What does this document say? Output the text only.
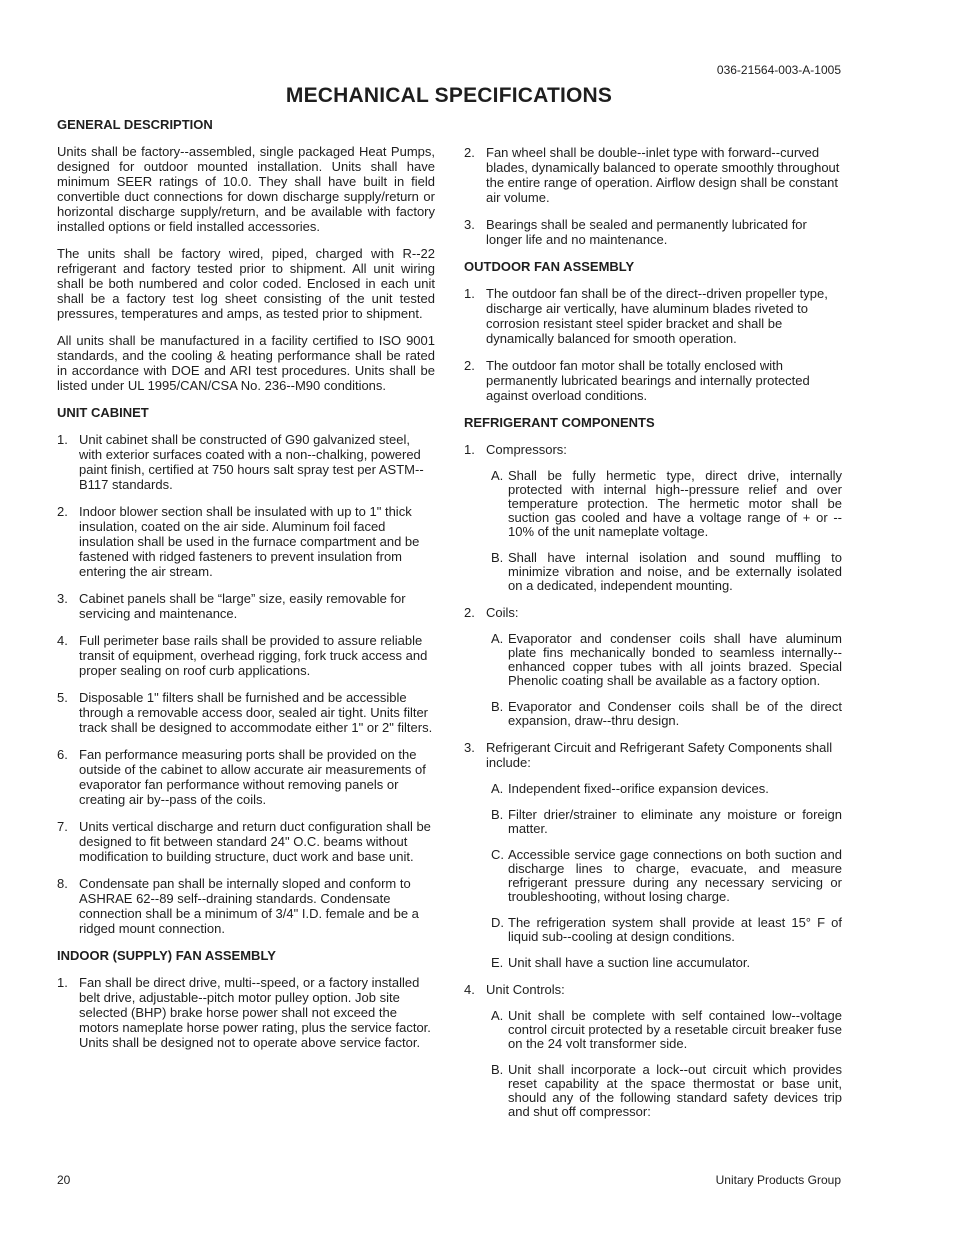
036-21564-003-A-1005
MECHANICAL SPECIFICATIONS
GENERAL DESCRIPTION
Units shall be factory--assembled, single packaged Heat Pumps, designed for outdoor mounted installation. Units shall have minimum SEER ratings of 10.0. They shall have built in field convertible duct connections for down discharge supply/return or horizontal discharge supply/return, and be available with factory installed options or field installed accessories.
The units shall be factory wired, piped, charged with R--22 refrigerant and factory tested prior to shipment. All unit wiring shall be both numbered and color coded. Enclosed in each unit shall be a factory test log sheet consisting of the unit tested pressures, temperatures and amps, as tested prior to shipment.
All units shall be manufactured in a facility certified to ISO 9001 standards, and the cooling & heating performance shall be rated in accordance with DOE and ARI test procedures. Units shall be listed under UL 1995/CAN/CSA No. 236--M90 conditions.
UNIT CABINET
1. Unit cabinet shall be constructed of G90 galvanized steel, with exterior surfaces coated with a non--chalking, powered paint finish, certified at 750 hours salt spray test per ASTM--B117 standards.
2. Indoor blower section shall be insulated with up to 1" thick insulation, coated on the air side. Aluminum foil faced insulation shall be used in the furnace compartment and be fastened with ridged fasteners to prevent insulation from entering the air stream.
3. Cabinet panels shall be “large” size, easily removable for servicing and maintenance.
4. Full perimeter base rails shall be provided to assure reliable transit of equipment, overhead rigging, fork truck access and proper sealing on roof curb applications.
5. Disposable 1" filters shall be furnished and be accessible through a removable access door, sealed air tight. Units filter track shall be designed to accommodate either 1" or 2" filters.
6. Fan performance measuring ports shall be provided on the outside of the cabinet to allow accurate air measurements of evaporator fan performance without removing panels or creating air by--pass of the coils.
7. Units vertical discharge and return duct configuration shall be designed to fit between standard 24" O.C. beams without modification to building structure, duct work and base unit.
8. Condensate pan shall be internally sloped and conform to ASHRAE 62--89 self--draining standards. Condensate connection shall be a minimum of 3/4" I.D. female and be a ridged mount connection.
INDOOR (SUPPLY) FAN ASSEMBLY
1. Fan shall be direct drive, multi--speed, or a factory installed belt drive, adjustable--pitch motor pulley option. Job site selected (BHP) brake horse power shall not exceed the motors nameplate horse power rating, plus the service factor. Units shall be designed not to operate above service factor.
2. Fan wheel shall be double--inlet type with forward--curved blades, dynamically balanced to operate smoothly throughout the entire range of operation. Airflow design shall be constant air volume.
3. Bearings shall be sealed and permanently lubricated for longer life and no maintenance.
OUTDOOR FAN ASSEMBLY
1. The outdoor fan shall be of the direct--driven propeller type, discharge air vertically, have aluminum blades riveted to corrosion resistant steel spider bracket and shall be dynamically balanced for smooth operation.
2. The outdoor fan motor shall be totally enclosed with permanently lubricated bearings and internally protected against overload conditions.
REFRIGERANT COMPONENTS
1. Compressors:
A. Shall be fully hermetic type, direct drive, internally protected with internal high--pressure relief and over temperature protection. The hermetic motor shall be suction gas cooled and have a voltage range of + or -- 10% of the unit nameplate voltage.
B. Shall have internal isolation and sound muffling to minimize vibration and noise, and be externally isolated on a dedicated, independent mounting.
2. Coils:
A. Evaporator and condenser coils shall have aluminum plate fins mechanically bonded to seamless internally--enhanced copper tubes with all joints brazed. Special Phenolic coating shall be available as a factory option.
B. Evaporator and Condenser coils shall be of the direct expansion, draw--thru design.
3. Refrigerant Circuit and Refrigerant Safety Components shall include:
A. Independent fixed--orifice expansion devices.
B. Filter drier/strainer to eliminate any moisture or foreign matter.
C. Accessible service gage connections on both suction and discharge lines to charge, evacuate, and measure refrigerant pressure during any necessary servicing or troubleshooting, without losing charge.
D. The refrigeration system shall provide at least 15° F of liquid sub--cooling at design conditions.
E. Unit shall have a suction line accumulator.
4. Unit Controls:
A. Unit shall be complete with self contained low--voltage control circuit protected by a resetable circuit breaker fuse on the 24 volt transformer side.
B. Unit shall incorporate a lock--out circuit which provides reset capability at the space thermostat or base unit, should any of the following standard safety devices trip and shut off compressor:
20	Unitary Products Group
